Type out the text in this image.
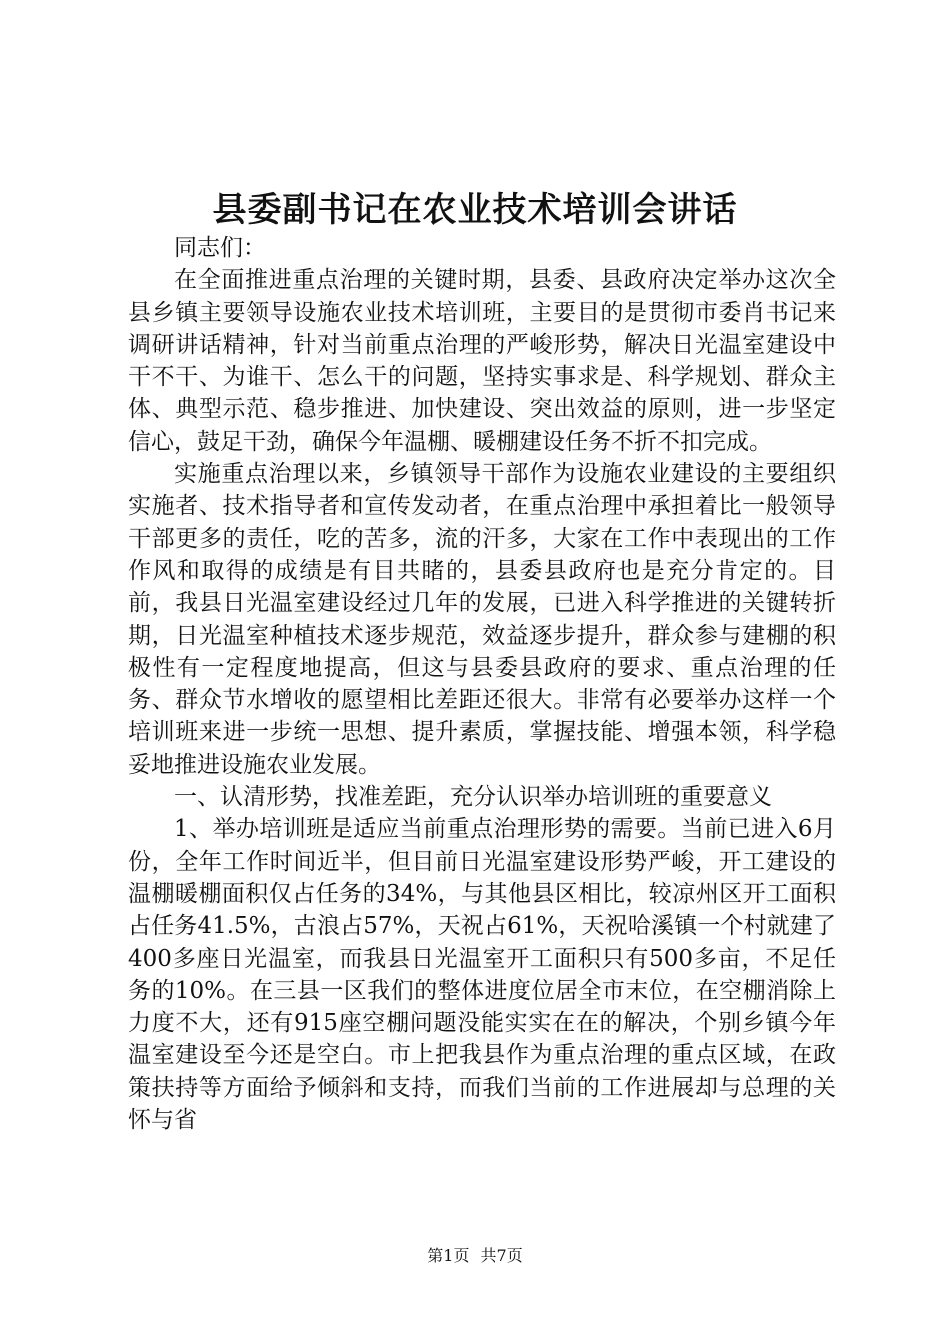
县委副书记在农业技术培训会讲话

同志们：

在全面推进重点治理的关键时期，县委、县政府决定举办这次全县乡镇主要领导设施农业技术培训班，主要目的是贯彻市委肖书记来调研讲话精神，针对当前重点治理的严峻形势，解决日光温室建设中干不干、为谁干、怎么干的问题，坚持实事求是、科学规划、群众主体、典型示范、稳步推进、加快建设、突出效益的原则，进一步坚定信心，鼓足干劲，确保今年温棚、暖棚建设任务不折不扣完成。

实施重点治理以来，乡镇领导干部作为设施农业建设的主要组织实施者、技术指导者和宣传发动者，在重点治理中承担着比一般领导干部更多的责任，吃的苦多，流的汗多，大家在工作中表现出的工作作风和取得的成绩是有目共睹的，县委县政府也是充分肯定的。目前，我县日光温室建设经过几年的发展，已进入科学推进的关键转折期，日光温室种植技术逐步规范，效益逐步提升，群众参与建棚的积极性有一定程度地提高，但这与县委县政府的要求、重点治理的任务、群众节水增收的愿望相比差距还很大。非常有必要举办这样一个培训班来进一步统一思想、提升素质，掌握技能、增强本领，科学稳妥地推进设施农业发展。

一、认清形势，找准差距，充分认识举办培训班的重要意义

1、举办培训班是适应当前重点治理形势的需要。当前已进入6月份，全年工作时间近半，但目前日光温室建设形势严峻，开工建设的温棚暖棚面积仅占任务的34%，与其他县区相比，较凉州区开工面积占任务41.5%，古浪占57%，天祝占61%，天祝哈溪镇一个村就建了400多座日光温室，而我县日光温室开工面积只有500多亩，不足任务的10%。在三县一区我们的整体进度位居全市末位，在空棚消除上力度不大，还有915座空棚问题没能实实在在的解决，个别乡镇今年温室建设至今还是空白。市上把我县作为重点治理的重点区域，在政策扶持等方面给予倾斜和支持，而我们当前的工作进展却与总理的关怀与省

第1页 共7页
